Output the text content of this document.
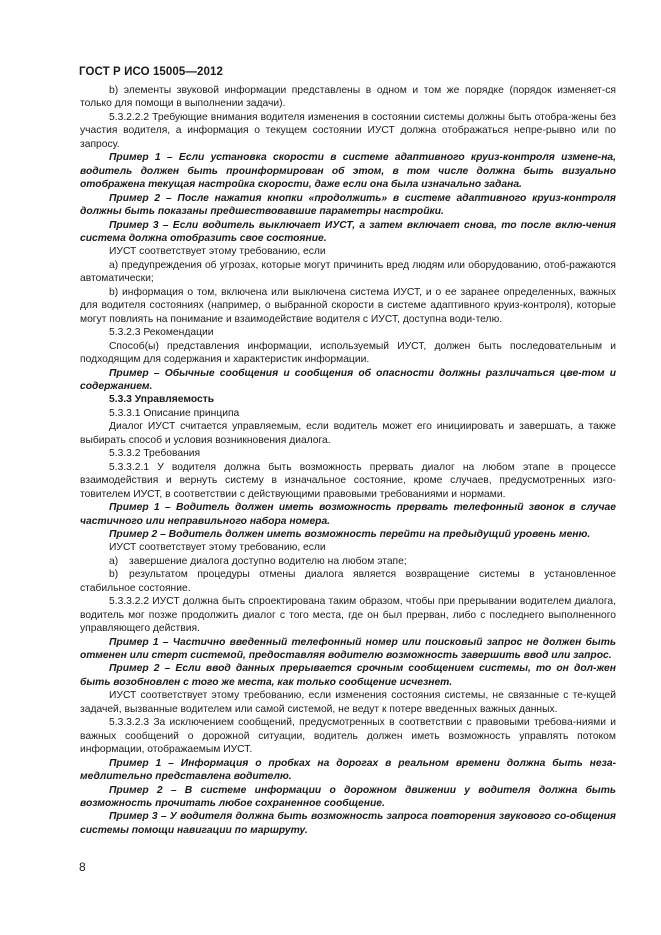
ГОСТ Р ИСО 15005—2012

b) элементы звуковой информации представлены в одном и том же порядке (порядок изменяет-ся только для помощи в выполнении задачи).

5.3.2.2.2 Требующие внимания водителя изменения в состоянии системы должны быть отобра-жены без участия водителя, а информация о текущем состоянии ИУСТ должна отображаться непре-рывно или по запросу.

Пример 1 – Если установка скорости в системе адаптивного круиз-контроля измене-на, водитель должен быть проинформирован об этом, в том числе должна быть визуально отображена текущая настройка скорости, даже если она была изначально задана.

Пример 2 – После нажатия кнопки «продолжить» в системе адаптивного круиз-контроля должны быть показаны предшествовавшие параметры настройки.

Пример 3 – Если водитель выключает ИУСТ, а затем включает снова, то после вклю-чения система должна отобразить свое состояние.

ИУСТ соответствует этому требованию, если

a) предупреждения об угрозах, которые могут причинить вред людям или оборудованию, отоб-ражаются автоматически;

b) информация о том, включена или выключена система ИУСТ, и о ее заранее определенных, важных для водителя состояниях (например, о выбранной скорости в системе адаптивного круиз-контроля), которые могут повлиять на понимание и взаимодействие водителя с ИУСТ, доступна води-телю.

5.3.2.3 Рекомендации

Способ(ы) представления информации, используемый ИУСТ, должен быть последовательным и подходящим для содержания и характеристик информации.

Пример – Обычные сообщения и сообщения об опасности должны различаться цве-том и содержанием.

5.3.3 Управляемость

5.3.3.1 Описание принципа

Диалог ИУСТ считается управляемым, если водитель может его инициировать и завершать, а также выбирать способ и условия возникновения диалога.

5.3.3.2 Требования

5.3.3.2.1 У водителя должна быть возможность прервать диалог на любом этапе в процессе взаимодействия и вернуть систему в изначальное состояние, кроме случаев, предусмотренных изго-товителем ИУСТ, в соответствии с действующими правовыми требованиями и нормами.

Пример 1 – Водитель должен иметь возможность прервать телефонный звонок в случае частичного или неправильного набора номера.

Пример 2 – Водитель должен иметь возможность перейти на предыдущий уровень меню.

ИУСТ соответствует этому требованию, если

a) завершение диалога доступно водителю на любом этапе;

b) результатом процедуры отмены диалога является возвращение системы в установленное стабильное состояние.

5.3.3.2.2 ИУСТ должна быть спроектирована таким образом, чтобы при прерывании водителем диалога, водитель мог позже продолжить диалог с того места, где он был прерван, либо с последнего выполненного управляющего действия.

Пример 1 – Частично введенный телефонный номер или поисковый запрос не должен быть отменен или стерт системой, предоставляя водителю возможность завершить ввод или запрос.

Пример 2 – Если ввод данных прерывается срочным сообщением системы, то он дол-жен быть возобновлен с того же места, как только сообщение исчезнет.

ИУСТ соответствует этому требованию, если изменения состояния системы, не связанные с те-кущей задачей, вызванные водителем или самой системой, не ведут к потере введенных важных данных.

5.3.3.2.3 За исключением сообщений, предусмотренных в соответствии с правовыми требова-ниями и важных сообщений о дорожной ситуации, водитель должен иметь возможность управлять потоком информации, отображаемым ИУСТ.

Пример 1 – Информация о пробках на дорогах в реальном времени должна быть неза-медлительно представлена водителю.

Пример 2 – В системе информации о дорожном движении у водителя должна быть возможность прочитать любое сохраненное сообщение.

Пример 3 – У водителя должна быть возможность запроса повторения звукового со-общения системы помощи навигации по маршруту.

8
